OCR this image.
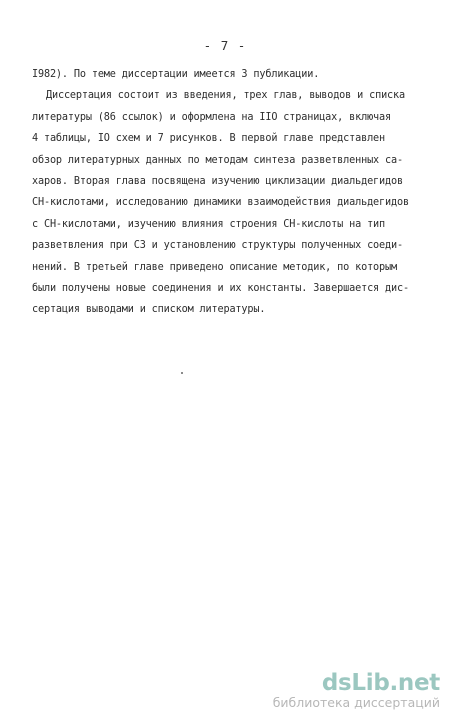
- 7 -
I982). По теме диссертации имеется 3 публикации.
Диссертация состоит из введения, трех глав, выводов и списка
литературы (86 ссылок) и оформлена на IIO страницах, включая
4 таблицы, IO схем и 7 рисунков. В первой главе представлен
обзор литературных данных по методам синтеза разветвленных са-
харов. Вторая глава посвящена изучению циклизации диальдегидов
CH-кислотами, исследованию динамики взаимодействия диальдегидов
с CH-кислотами, изучению влияния строения CH-кислоты на тип
разветвления при СЗ и установлению структуры полученных соеди-
нений. В третьей главе приведено описание методик, по которым
были получены новые соединения и их константы. Завершается дис-
сертация выводами и списком литературы.
dsLib.net
библиотека диссертаций
